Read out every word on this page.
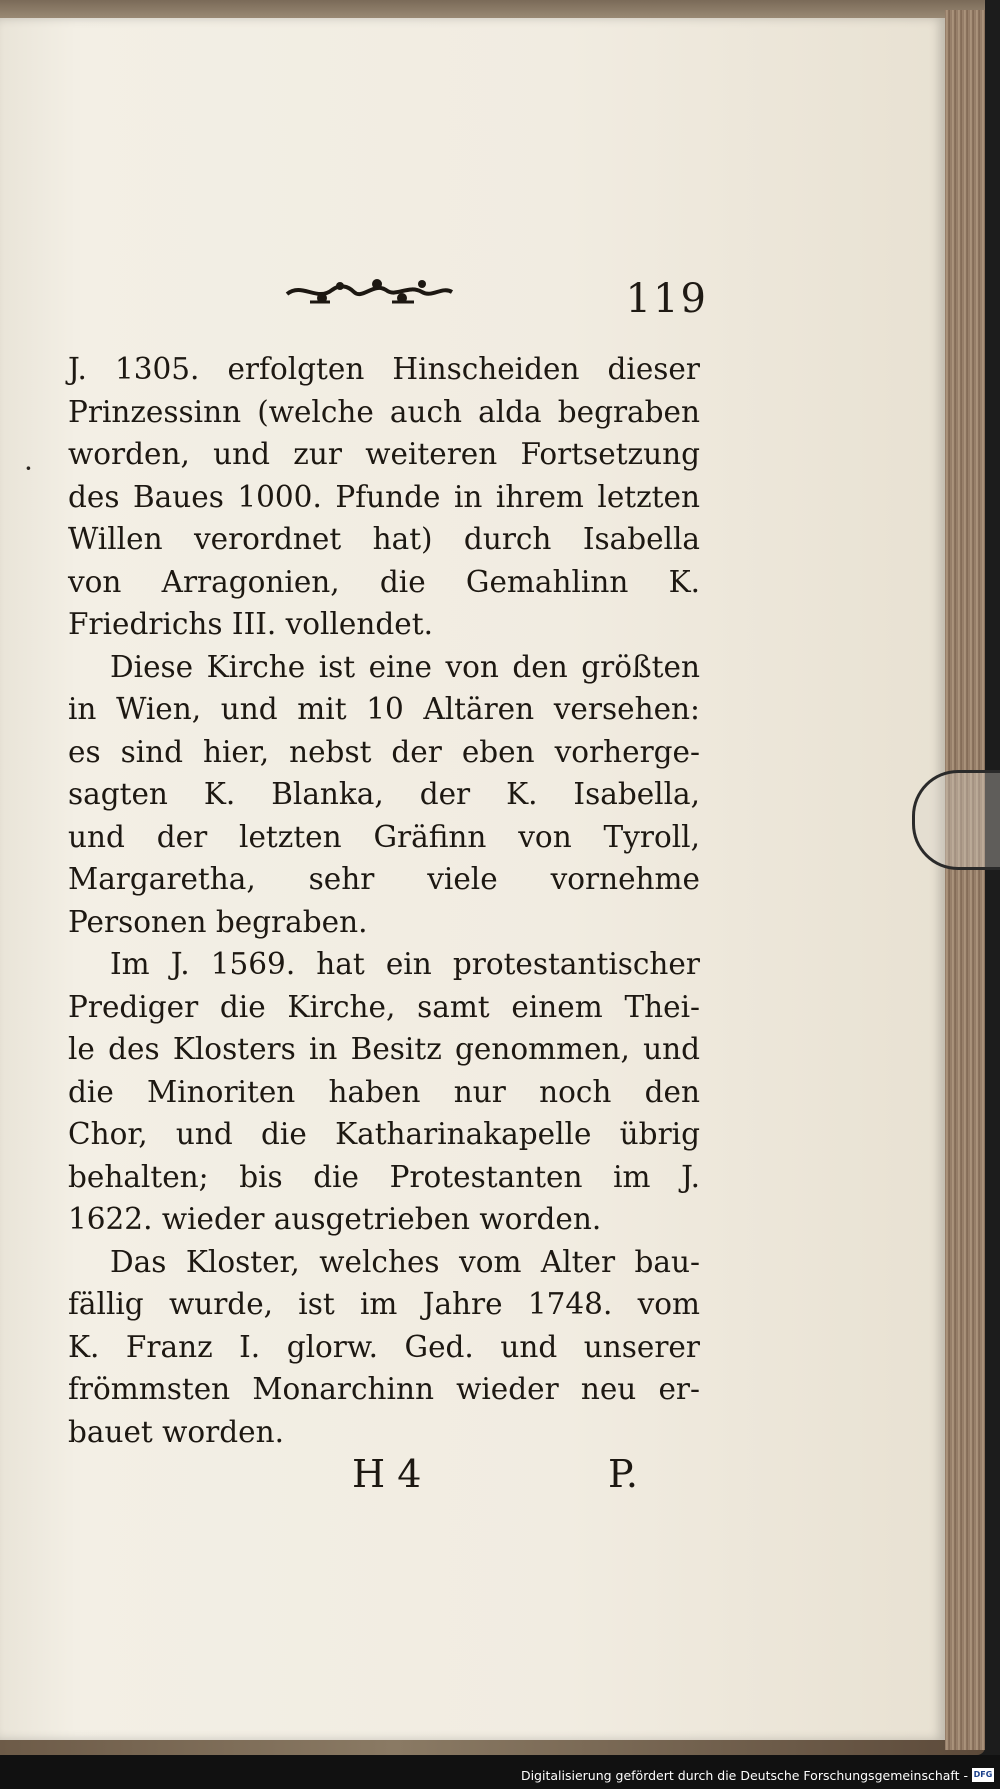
119
·
J. 1305. erfolgten Hinscheiden dieser
Prinzessinn (welche auch alda begraben
worden, und zur weiteren Fortsetzung
des Baues 1000. Pfunde in ihrem letzten
Willen verordnet hat) durch Isabella
von Arragonien, die Gemahlinn K.
Friedrichs III. vollendet.
Diese Kirche ist eine von den größten
in Wien, und mit 10 Altären versehen:
es sind hier, nebst der eben vorherge-
sagten K. Blanka, der K. Isabella,
und der letzten Gräfinn von Tyroll,
Margaretha, sehr viele vornehme
Personen begraben.
Im J. 1569. hat ein protestantischer
Prediger die Kirche, samt einem Thei-
le des Klosters in Besitz genommen, und
die Minoriten haben nur noch den
Chor, und die Katharinakapelle übrig
behalten; bis die Protestanten im J.
1622. wieder ausgetrieben worden.
Das Kloster, welches vom Alter bau-
fällig wurde, ist im Jahre 1748. vom
K. Franz I. glorw. Ged. und unserer
frömmsten Monarchinn wieder neu er-
bauet worden.
H 4	P.
Digitalisierung gefördert durch die Deutsche Forschungsgemeinschaft - DFG
